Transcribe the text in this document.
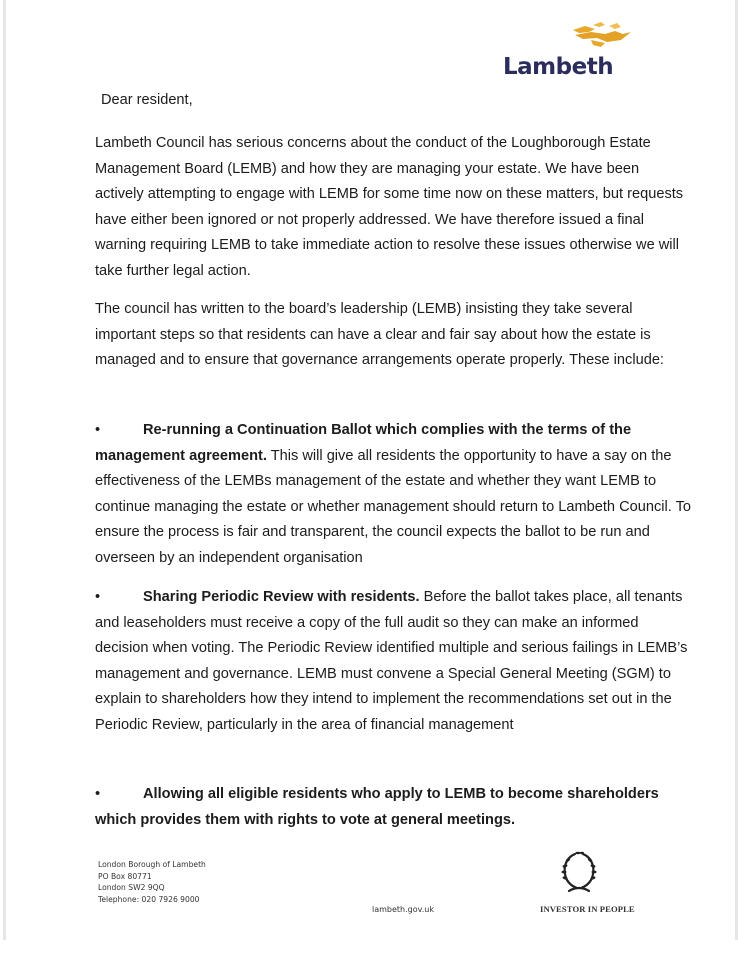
Lambeth
Dear resident,
Lambeth Council has serious concerns about the conduct of the Loughborough Estate Management Board (LEMB) and how they are managing your estate. We have been actively attempting to engage with LEMB for some time now on these matters, but requests have either been ignored or not properly addressed. We have therefore issued a final warning requiring LEMB to take immediate action to resolve these issues otherwise we will take further legal action.
The council has written to the board’s leadership (LEMB) insisting they take several important steps so that residents can have a clear and fair say about how the estate is managed and to ensure that governance arrangements operate properly. These include:
•	Re-running a Continuation Ballot which complies with the terms of the management agreement. This will give all residents the opportunity to have a say on the effectiveness of the LEMBs management of the estate and whether they want LEMB to continue managing the estate or whether management should return to Lambeth Council. To ensure the process is fair and transparent, the council expects the ballot to be run and overseen by an independent organisation
•	Sharing Periodic Review with residents. Before the ballot takes place, all tenants and leaseholders must receive a copy of the full audit so they can make an informed decision when voting. The Periodic Review identified multiple and serious failings in LEMB’s management and governance. LEMB must convene a Special General Meeting (SGM) to explain to shareholders how they intend to implement the recommendations set out in the Periodic Review, particularly in the area of financial management
•	Allowing all eligible residents who apply to LEMB to become shareholders which provides them with rights to vote at general meetings.
London Borough of Lambeth
PO Box 80771
London SW2 9QQ
Telephone: 020 7926 9000
lambeth.gov.uk	INVESTOR IN PEOPLE
